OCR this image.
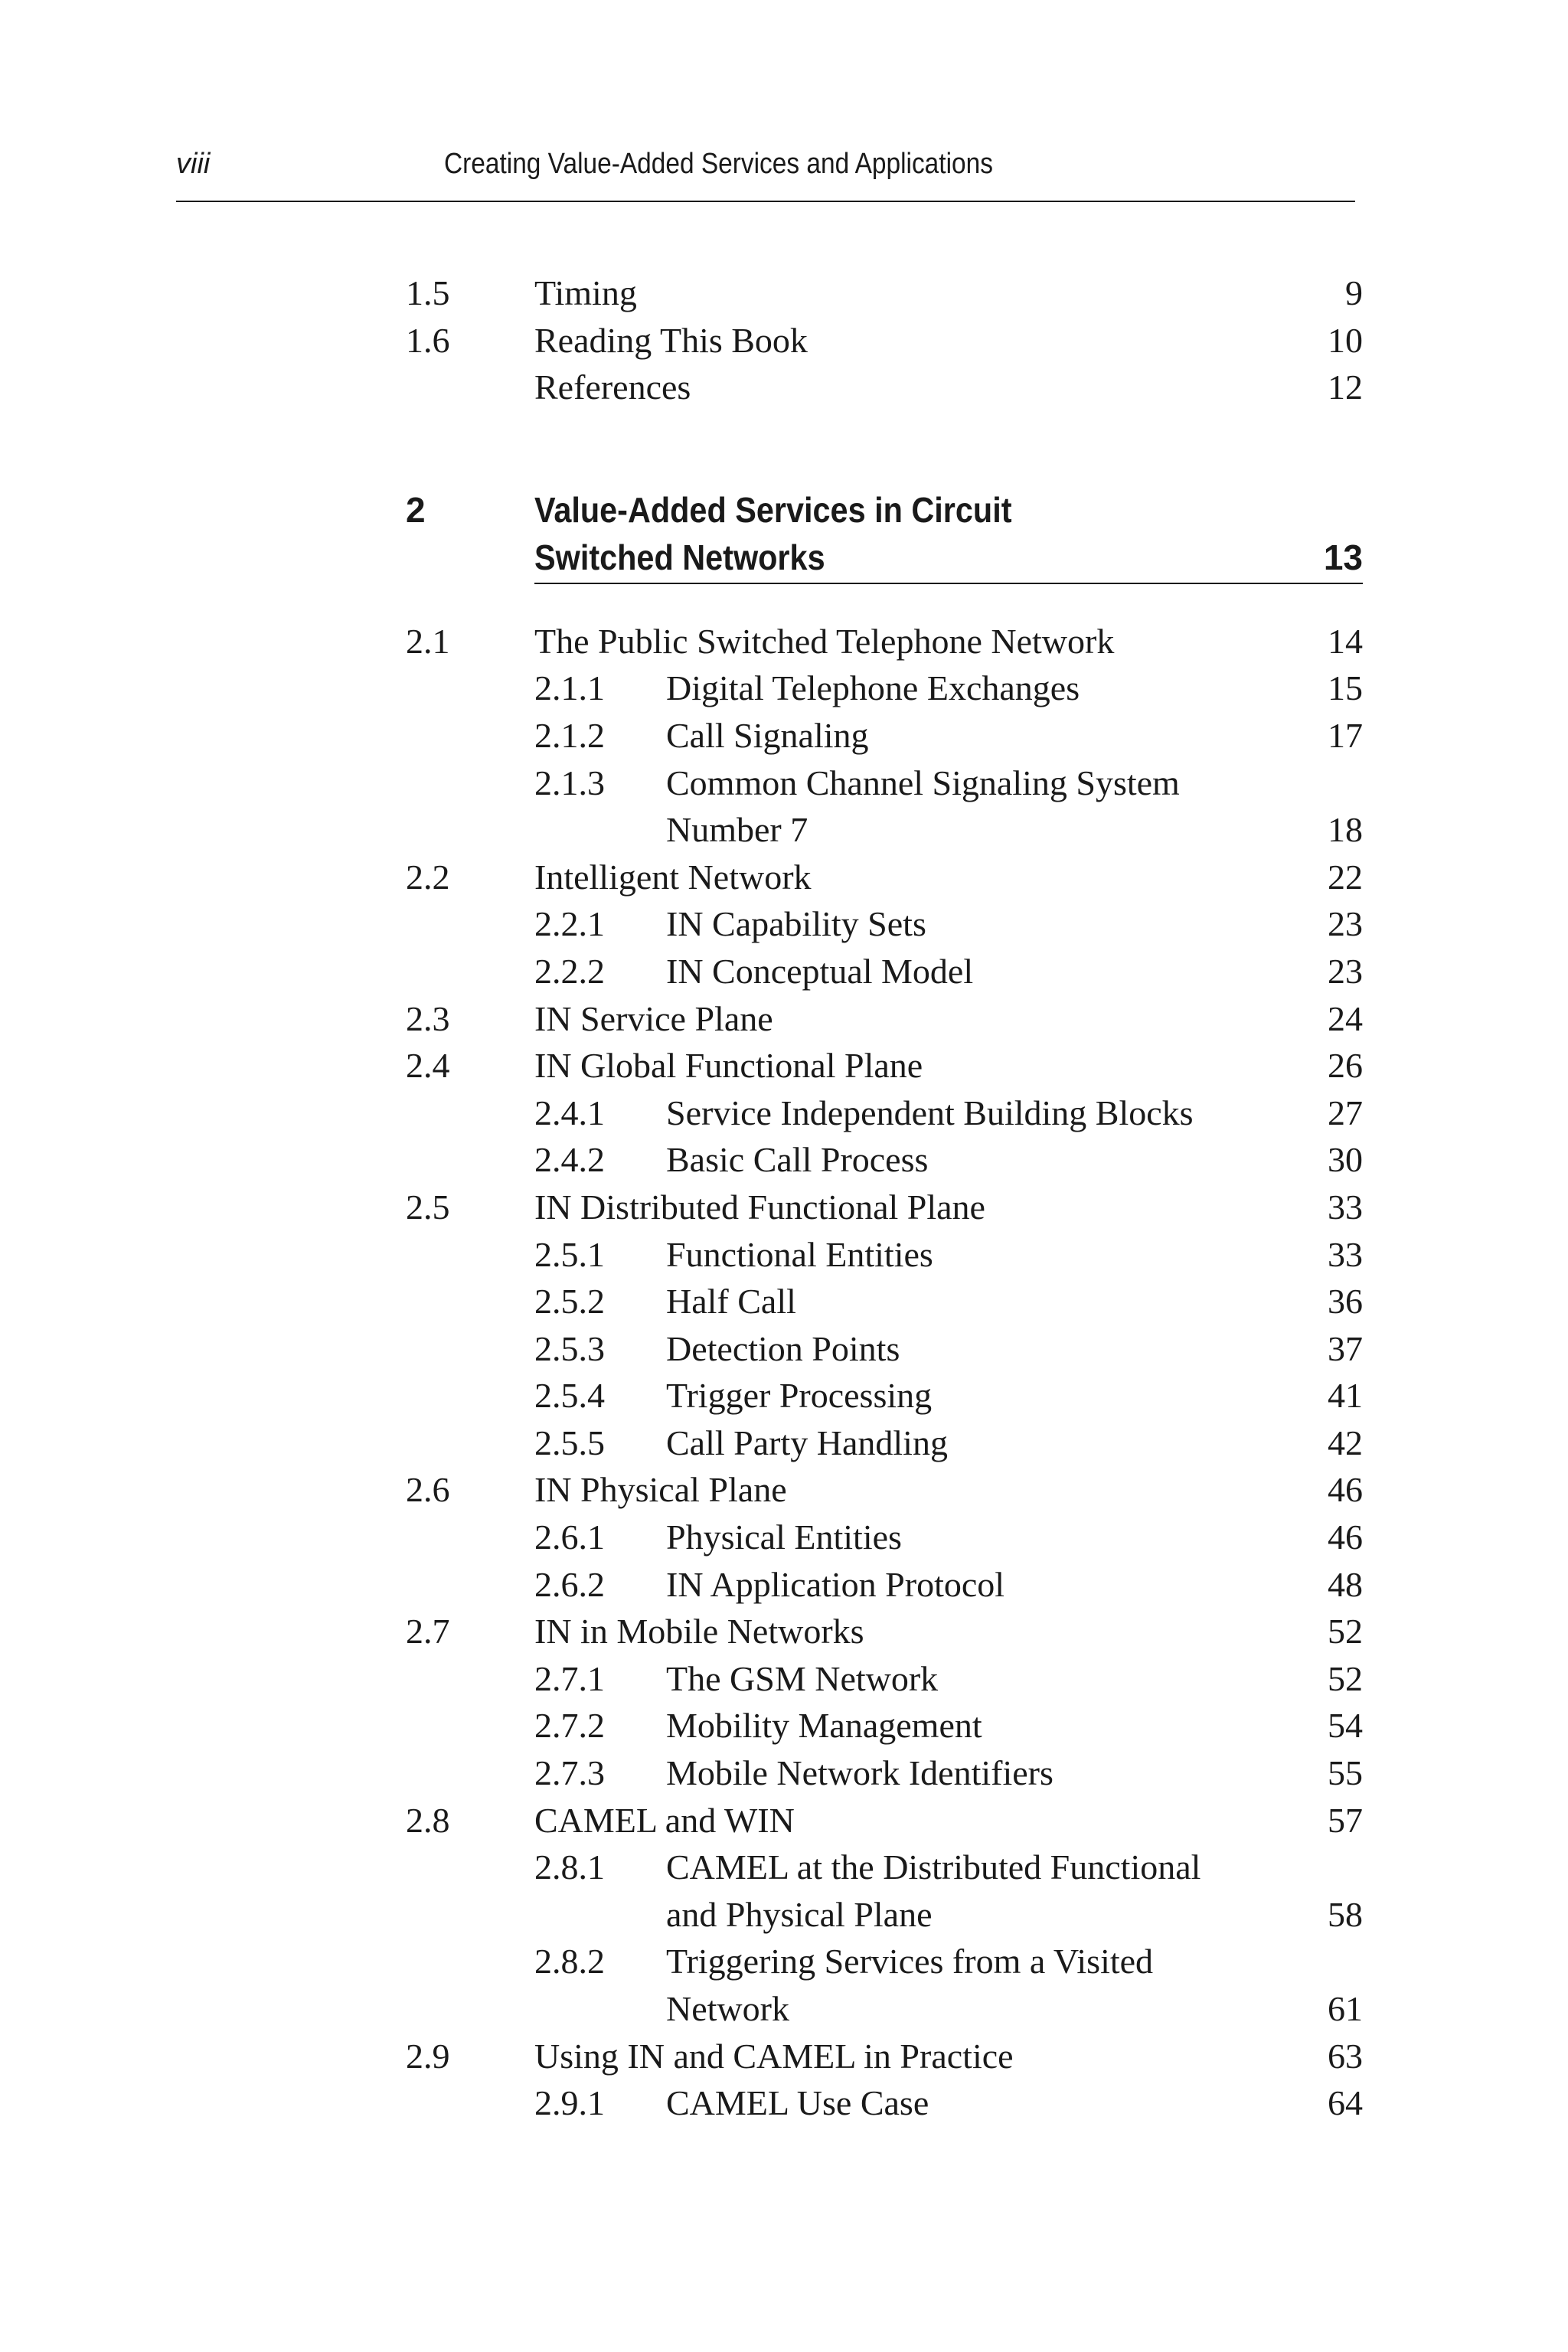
viii	Creating Value-Added Services and Applications
1.5 Timing	9
1.6 Reading This Book	10
References	12
2	Value-Added Services in Circuit Switched Networks	13
2.1 The Public Switched Telephone Network	14
2.1.1 Digital Telephone Exchanges	15
2.1.2 Call Signaling	17
2.1.3 Common Channel Signaling System
Number 7	18
2.2 Intelligent Network	22
2.2.1 IN Capability Sets	23
2.2.2 IN Conceptual Model	23
2.3 IN Service Plane	24
2.4 IN Global Functional Plane	26
2.4.1 Service Independent Building Blocks	27
2.4.2 Basic Call Process	30
2.5 IN Distributed Functional Plane	33
2.5.1 Functional Entities	33
2.5.2 Half Call	36
2.5.3 Detection Points	37
2.5.4 Trigger Processing	41
2.5.5 Call Party Handling	42
2.6 IN Physical Plane	46
2.6.1 Physical Entities	46
2.6.2 IN Application Protocol	48
2.7 IN in Mobile Networks	52
2.7.1 The GSM Network	52
2.7.2 Mobility Management	54
2.7.3 Mobile Network Identifiers	55
2.8 CAMEL and WIN	57
2.8.1 CAMEL at the Distributed Functional
and Physical Plane	58
2.8.2 Triggering Services from a Visited
Network	61
2.9 Using IN and CAMEL in Practice	63
2.9.1 CAMEL Use Case	64
